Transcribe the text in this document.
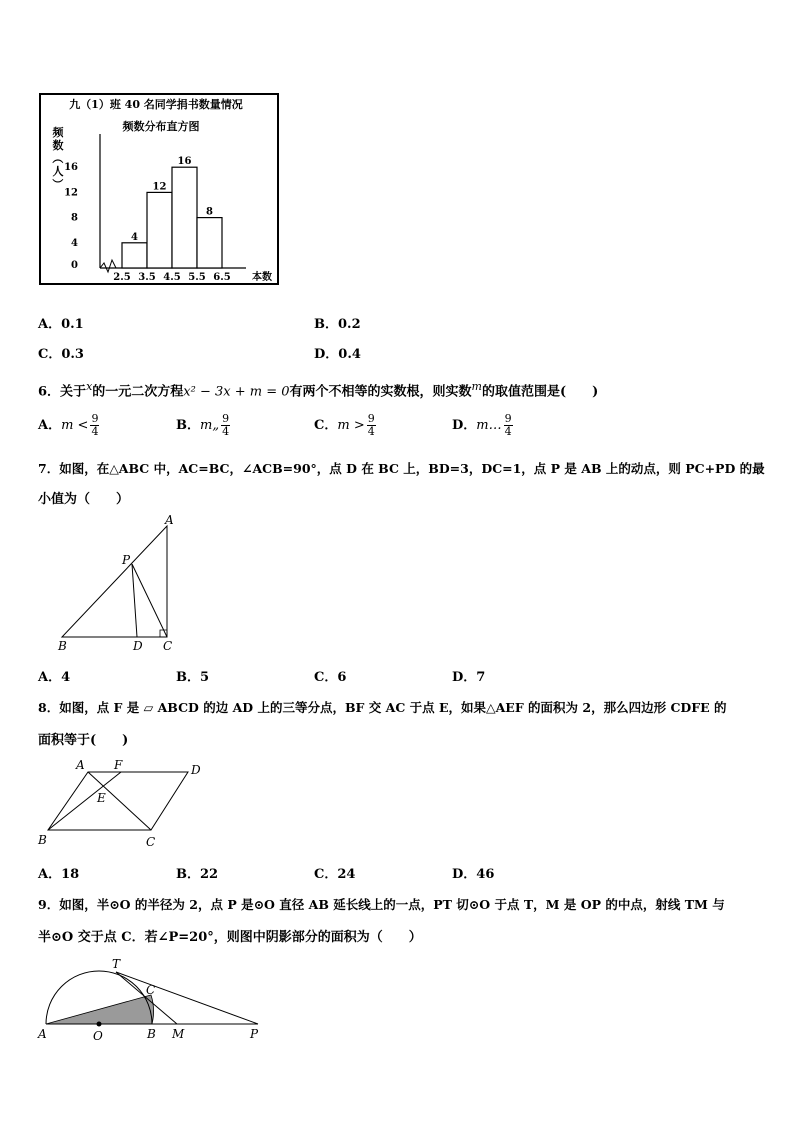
九（1）班 40 名同学捐书数量情况
频数分布直方图
频
数
（
人
）
本数
0
4
8
12
16
2.5 3.5 4.5 5.5 6.5
4
12
16
8
A．0.1	B．0.2
C．0.3	D．0.4
6．关于$^x$的一元二次方程x² − 3x + m = 0有两个不相等的实数根，则实数$^m$的取值范围是(　　)
A．$m < \frac{9}{4}$	B．m„ $\frac{9}{4}$	C．$m > \frac{9}{4}$	D．m… $\frac{9}{4}$
7．如图，在△ABC 中，AC=BC，∠ACB=90°，点 D 在 BC 上，BD=3，DC=1，点 P 是 AB 上的动点，则 PC+PD 的最
小值为（　　）
A
P
B	D C
A．4	B．5	C．6	D．7
8．如图，点 F 是 ▱ ABCD 的边 AD 上的三等分点，BF 交 AC 于点 E，如果△AEF 的面积为 2，那么四边形 CDFE 的
面积等于(　　)
A F	D
E
B	C
A．18	B．22	C．24	D．46
9．如图，半⊙O 的半径为 2，点 P 是⊙O 直径 AB 延长线上的一点，PT 切⊙O 于点 T，M 是 OP 的中点，射线 TM 与
半⊙O 交于点 C．若∠P=20°，则图中阴影部分的面积为（　　）
T
C
A	O	B M	P
